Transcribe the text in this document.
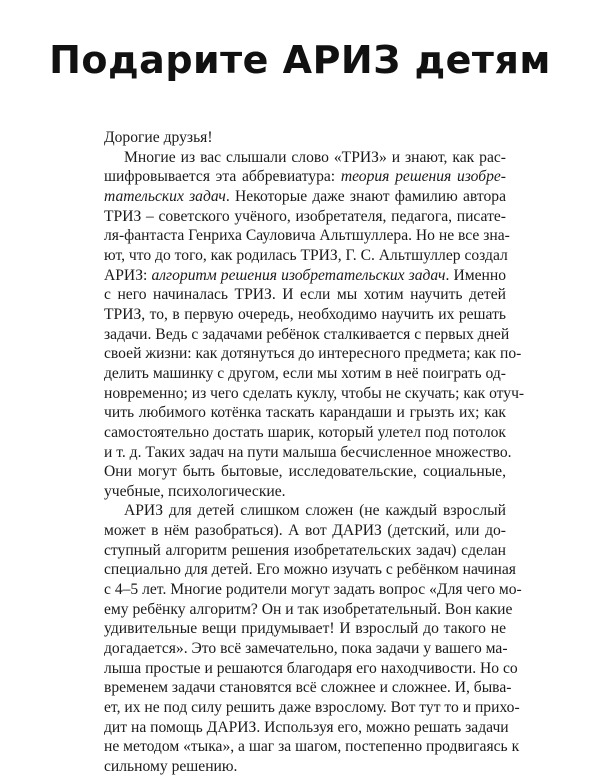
Подарите АРИЗ детям

Дорогие друзья!

Многие из вас слышали слово «ТРИЗ» и знают, как рас-
шифровывается эта аббревиатура: теория решения изобре-
тательских задач. Некоторые даже знают фамилию автора
ТРИЗ – советского учёного, изобретателя, педагога, писате-
ля-фантаста Генриха Сауловича Альтшуллера. Но не все зна-
ют, что до того, как родилась ТРИЗ, Г. С. Альтшуллер создал
АРИЗ: алгоритм решения изобретательских задач. Именно
с него начиналась ТРИЗ. И если мы хотим научить детей
ТРИЗ, то, в первую очередь, необходимо научить их решать
задачи. Ведь с задачами ребёнок сталкивается с первых дней
своей жизни: как дотянуться до интересного предмета; как по-
делить машинку с другом, если мы хотим в неё поиграть од-
новременно; из чего сделать куклу, чтобы не скучать; как отуч-
чить любимого котёнка таскать карандаши и грызть их; как
самостоятельно достать шарик, который улетел под потолок
и т. д. Таких задач на пути малыша бесчисленное множество.
Они могут быть бытовые, исследовательские, социальные,
учебные, психологические.

АРИЗ для детей слишком сложен (не каждый взрослый
может в нём разобраться). А вот ДАРИЗ (детский, или до-
ступный алгоритм решения изобретательских задач) сделан
специально для детей. Его можно изучать с ребёнком начиная
с 4–5 лет. Многие родители могут задать вопрос «Для чего мо-
ему ребёнку алгоритм? Он и так изобретательный. Вон какие
удивительные вещи придумывает! И взрослый до такого не
догадается». Это всё замечательно, пока задачи у вашего ма-
лыша простые и решаются благодаря его находчивости. Но со
временем задачи становятся всё сложнее и сложнее. И, быва-
ет, их не под силу решить даже взрослому. Вот тут то и прихо-
дит на помощь ДАРИЗ. Используя его, можно решать задачи
не методом «тыка», а шаг за шагом, постепенно продвигаясь к
сильному решению.
